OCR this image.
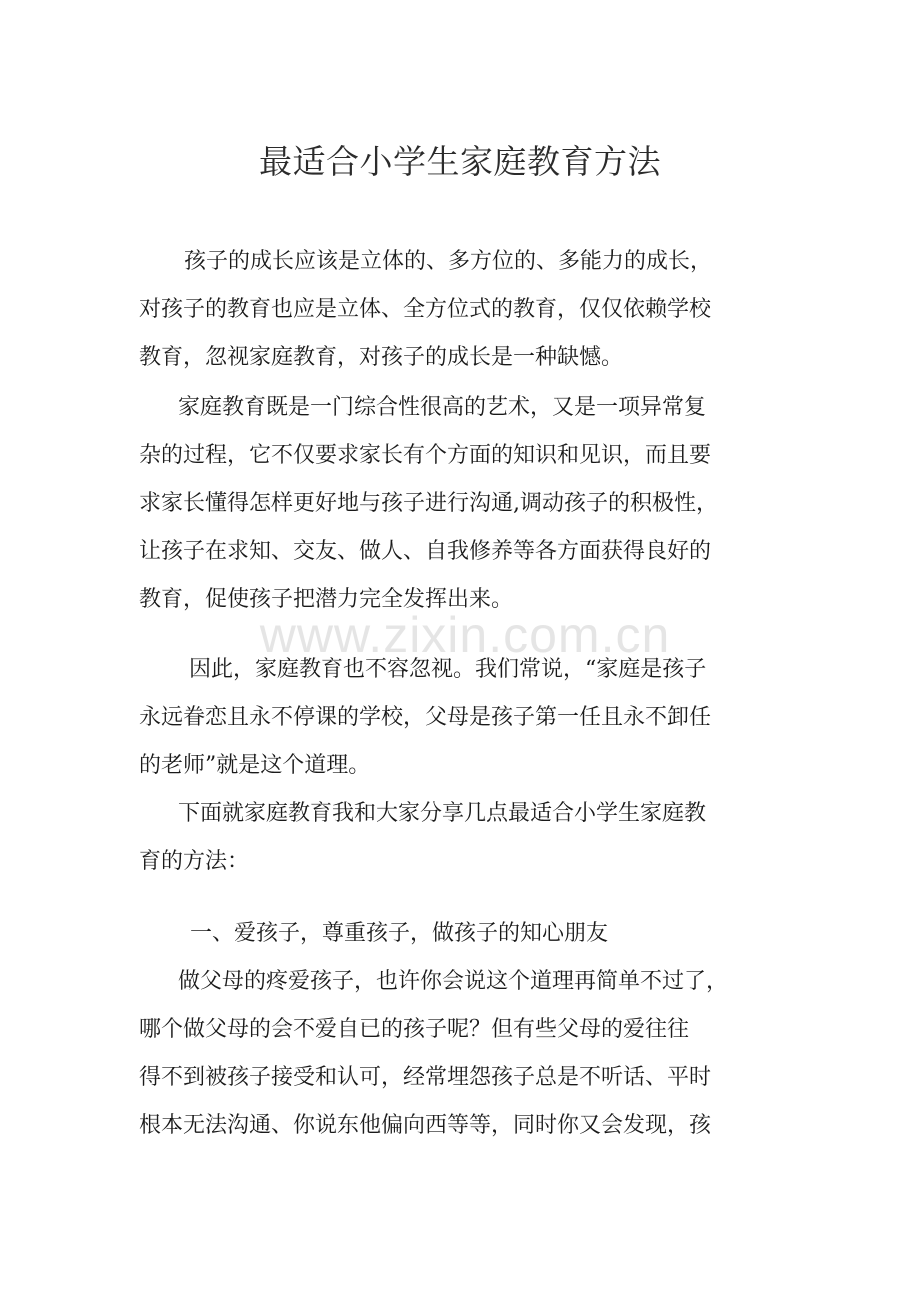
最适合小学生家庭教育方法

孩子的成长应该是立体的、多方位的、多能力的成长，

对孩子的教育也应是立体、全方位式的教育，仅仅依赖学校

教育，忽视家庭教育，对孩子的成长是一种缺憾。

家庭教育既是一门综合性很高的艺术，又是一项异常复

杂的过程，它不仅要求家长有个方面的知识和见识，而且要

求家长懂得怎样更好地与孩子进行沟通,调动孩子的积极性，

让孩子在求知、交友、做人、自我修养等各方面获得良好的

教育，促使孩子把潜力完全发挥出来。

www.zixin.com.cn

因此，家庭教育也不容忽视。我们常说，“家庭是孩子

永远眷恋且永不停课的学校，父母是孩子第一任且永不卸任

的老师”就是这个道理。

下面就家庭教育我和大家分享几点最适合小学生家庭教

育的方法：

一、爱孩子，尊重孩子，做孩子的知心朋友

做父母的疼爱孩子，也许你会说这个道理再简单不过了，

哪个做父母的会不爱自已的孩子呢？但有些父母的爱往往

得不到被孩子接受和认可，经常埋怨孩子总是不听话、平时

根本无法沟通、你说东他偏向西等等，同时你又会发现，孩
